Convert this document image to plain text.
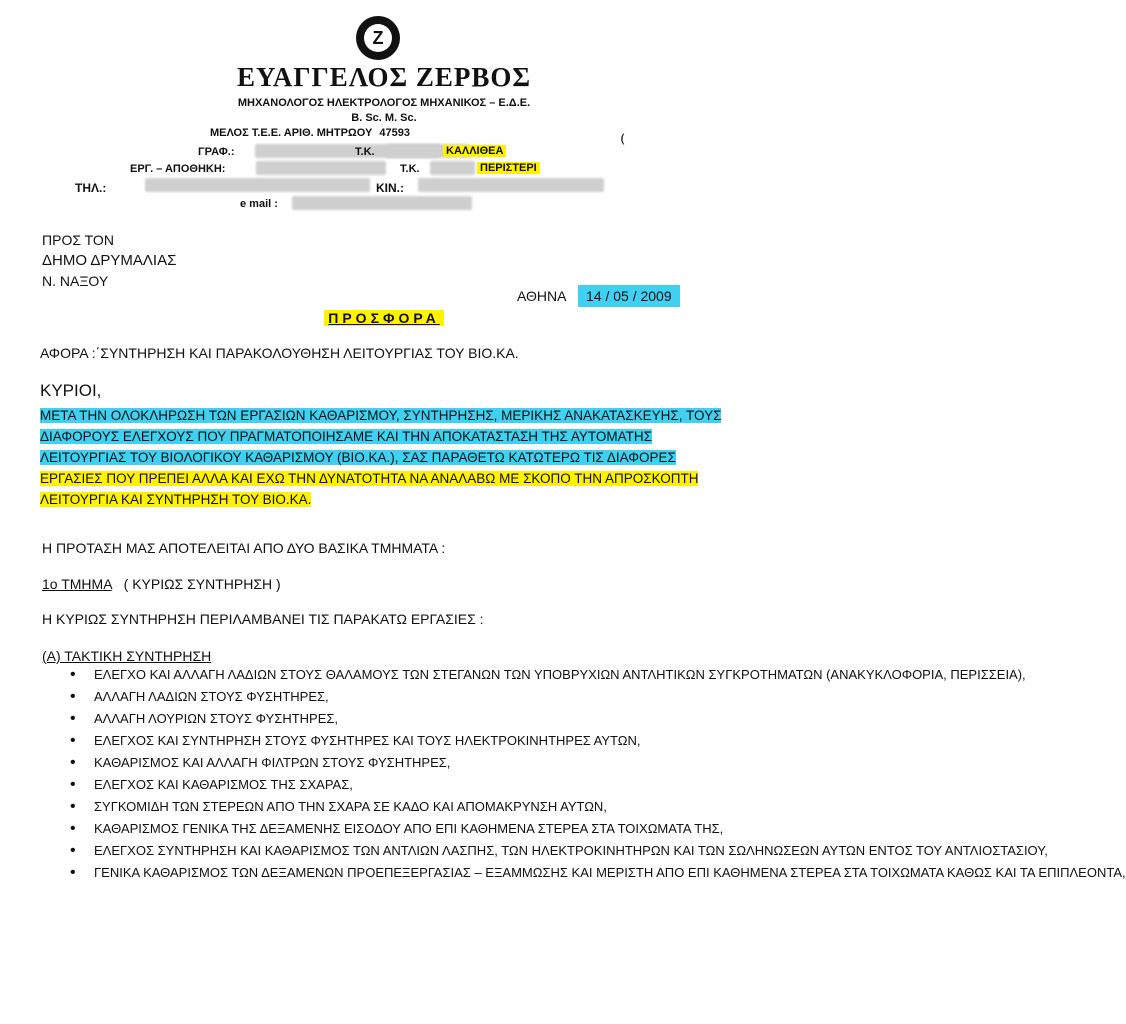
Z
ΕΥΑΓΓΕΛΟΣ ΖΕΡΒΟΣ
ΜΗΧΑΝΟΛΟΓΟΣ ΗΛΕΚΤΡΟΛΟΓΟΣ ΜΗΧΑΝΙΚΟΣ – Ε.Δ.Ε.
B. Sc. M. Sc.
ΜΕΛΟΣ Τ.Ε.Ε. ΑΡΙΘ. ΜΗΤΡΩΟΥ 47593
ΓΡΑΦ.:	Τ.Κ.	ΚΑΛΛΙΘΕΑ
ΕΡΓ. – ΑΠΟΘΗΚΗ:	Τ.Κ.	ΠΕΡΙΣΤΕΡΙ
ΤΗΛ.:	ΚΙΝ.:
e mail :
⁽
ΠΡΟΣ ΤΟΝ
ΔΗΜΟ ΔΡΥΜΑΛΙΑΣ
Ν. ΝΑΞΟΥ
ΑΘΗΝΑ	14 / 05 / 2009
ΠΡΟΣΦΟΡΑ
ΑΦΟΡΑ :΄ΣΥΝΤΗΡΗΣΗ ΚΑΙ ΠΑΡΑΚΟΛΟΥΘΗΣΗ ΛΕΙΤΟΥΡΓΙΑΣ ΤΟΥ ΒΙΟ.ΚΑ.
ΚΥΡΙΟΙ,
ΜΕΤΑ ΤΗΝ ΟΛΟΚΛΗΡΩΣΗ ΤΩΝ ΕΡΓΑΣΙΩΝ ΚΑΘΑΡΙΣΜΟΥ, ΣΥΝΤΗΡΗΣΗΣ, ΜΕΡΙΚΗΣ ΑΝΑΚΑΤΑΣΚΕΥΗΣ, ΤΟΥΣ ΔΙΑΦΟΡΟΥΣ ΕΛΕΓΧΟΥΣ ΠΟΥ ΠΡΑΓΜΑΤΟΠΟΙΗΣΑΜΕ ΚΑΙ ΤΗΝ ΑΠΟΚΑΤΑΣΤΑΣΗ ΤΗΣ ΑΥΤΟΜΑΤΗΣ ΛΕΙΤΟΥΡΓΙΑΣ ΤΟΥ ΒΙΟΛΟΓΙΚΟΥ ΚΑΘΑΡΙΣΜΟΥ (ΒΙΟ.ΚΑ.), ΣΑΣ ΠΑΡΑΘΕΤΩ ΚΑΤΩΤΕΡΩ ΤΙΣ ΔΙΑΦΟΡΕΣ ΕΡΓΑΣΙΕΣ ΠΟΥ ΠΡΕΠΕΙ ΑΛΛΑ ΚΑΙ ΕΧΩ ΤΗΝ ΔΥΝΑΤΟΤΗΤΑ ΝΑ ΑΝΑΛΑΒΩ ΜΕ ΣΚΟΠΟ ΤΗΝ ΑΠΡΟΣΚΟΠΤΗ ΛΕΙΤΟΥΡΓΙΑ ΚΑΙ ΣΥΝΤΗΡΗΣΗ ΤΟΥ ΒΙΟ.ΚΑ.
Η ΠΡΟΤΑΣΗ ΜΑΣ ΑΠΟΤΕΛΕΙΤΑΙ ΑΠΟ ΔΥΟ ΒΑΣΙΚΑ ΤΜΗΜΑΤΑ :
1ο ΤΜΗΜΑ ( ΚΥΡΙΩΣ ΣΥΝΤΗΡΗΣΗ )
Η ΚΥΡΙΩΣ ΣΥΝΤΗΡΗΣΗ ΠΕΡΙΛΑΜΒΑΝΕΙ ΤΙΣ ΠΑΡΑΚΑΤΩ ΕΡΓΑΣΙΕΣ :
(Α) ΤΑΚΤΙΚΗ ΣΥΝΤΗΡΗΣΗ
• ΕΛΕΓΧΟ ΚΑΙ ΑΛΛΑΓΗ ΛΑΔΙΩΝ ΣΤΟΥΣ ΘΑΛΑΜΟΥΣ ΤΩΝ ΣΤΕΓΑΝΩΝ ΤΩΝ ΥΠΟΒΡΥΧΙΩΝ ΑΝΤΛΗΤΙΚΩΝ ΣΥΓΚΡΟΤΗΜΑΤΩΝ (ΑΝΑΚΥΚΛΟΦΟΡΙΑ, ΠΕΡΙΣΣΕΙΑ),
• ΑΛΛΑΓΗ ΛΑΔΙΩΝ ΣΤΟΥΣ ΦΥΣΗΤΗΡΕΣ,
• ΑΛΛΑΓΗ ΛΟΥΡΙΩΝ ΣΤΟΥΣ ΦΥΣΗΤΗΡΕΣ,
• ΕΛΕΓΧΟΣ ΚΑΙ ΣΥΝΤΗΡΗΣΗ ΣΤΟΥΣ ΦΥΣΗΤΗΡΕΣ ΚΑΙ ΤΟΥΣ ΗΛΕΚΤΡΟΚΙΝΗΤΗΡΕΣ ΑΥΤΩΝ,
• ΚΑΘΑΡΙΣΜΟΣ ΚΑΙ ΑΛΛΑΓΗ ΦΙΛΤΡΩΝ ΣΤΟΥΣ ΦΥΣΗΤΗΡΕΣ,
• ΕΛΕΓΧΟΣ ΚΑΙ ΚΑΘΑΡΙΣΜΟΣ ΤΗΣ ΣΧΑΡΑΣ,
• ΣΥΓΚΟΜΙΔΗ ΤΩΝ ΣΤΕΡΕΩΝ ΑΠΟ ΤΗΝ ΣΧΑΡΑ ΣΕ ΚΑΔΟ ΚΑΙ ΑΠΟΜΑΚΡΥΝΣΗ ΑΥΤΩΝ,
• ΚΑΘΑΡΙΣΜΟΣ ΓΕΝΙΚΑ ΤΗΣ ΔΕΞΑΜΕΝΗΣ ΕΙΣΟΔΟΥ ΑΠΟ ΕΠΙ ΚΑΘΗΜΕΝΑ ΣΤΕΡΕΑ ΣΤΑ ΤΟΙΧΩΜΑΤΑ ΤΗΣ,
• ΕΛΕΓΧΟΣ ΣΥΝΤΗΡΗΣΗ ΚΑΙ ΚΑΘΑΡΙΣΜΟΣ ΤΩΝ ΑΝΤΛΙΩΝ ΛΑΣΠΗΣ, ΤΩΝ ΗΛΕΚΤΡΟΚΙΝΗΤΗΡΩΝ ΚΑΙ ΤΩΝ ΣΩΛΗΝΩΣΕΩΝ ΑΥΤΩΝ ΕΝΤΟΣ ΤΟΥ ΑΝΤΛΙΟΣΤΑΣΙΟΥ,
• ΓΕΝΙΚΑ ΚΑΘΑΡΙΣΜΟΣ ΤΩΝ ΔΕΞΑΜΕΝΩΝ ΠΡΟΕΠΕΞΕΡΓΑΣΙΑΣ – ΕΞΑΜΜΩΣΗΣ ΚΑΙ ΜΕΡΙΣΤΗ ΑΠΟ ΕΠΙ ΚΑΘΗΜΕΝΑ ΣΤΕΡΕΑ ΣΤΑ ΤΟΙΧΩΜΑΤΑ ΚΑΘΩΣ ΚΑΙ ΤΑ ΕΠΙΠΛΕΟΝΤΑ,
